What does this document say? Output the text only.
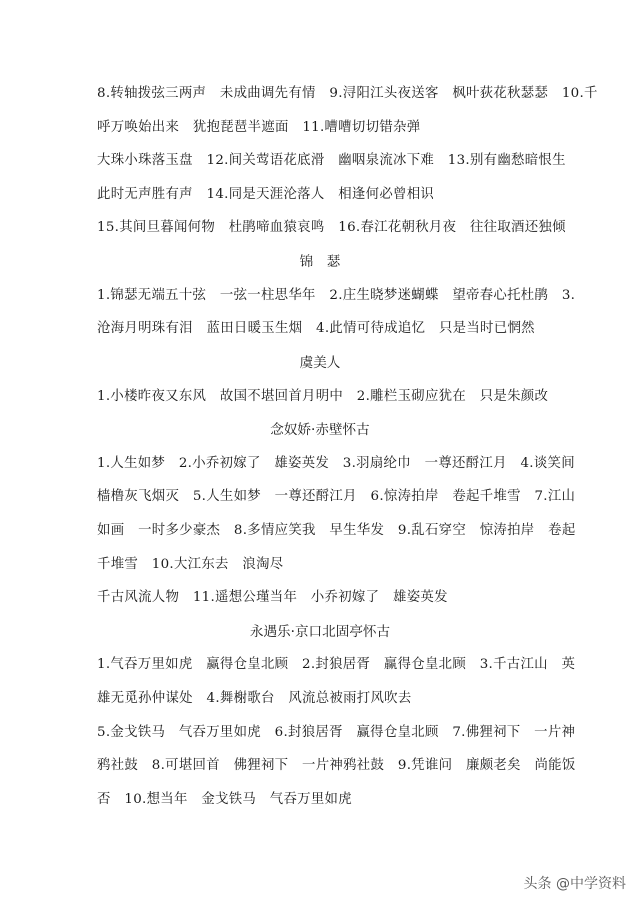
8.转轴拨弦三两声　未成曲调先有情　9.浔阳江头夜送客　枫叶荻花秋瑟瑟　10.千
呼万唤始出来　犹抱琵琶半遮面　11.嘈嘈切切错杂弹
大珠小珠落玉盘　12.间关莺语花底滑　幽咽泉流冰下难　13.别有幽愁暗恨生
此时无声胜有声　14.同是天涯沦落人　相逢何必曾相识
15.其间旦暮闻何物　杜鹃啼血猿哀鸣　16.春江花朝秋月夜　往往取酒还独倾
锦　瑟
1.锦瑟无端五十弦　一弦一柱思华年　2.庄生晓梦迷蝴蝶　望帝春心托杜鹃　3.
沧海月明珠有泪　蓝田日暖玉生烟　4.此情可待成追忆　只是当时已惘然
虞美人
1.小楼昨夜又东风　故国不堪回首月明中　2.雕栏玉砌应犹在　只是朱颜改
念奴娇·赤壁怀古
1.人生如梦　2.小乔初嫁了　雄姿英发　3.羽扇纶巾　一尊还酹江月　4.谈笑间
樯橹灰飞烟灭　5.人生如梦　一尊还酹江月　6.惊涛拍岸　卷起千堆雪　7.江山
如画　一时多少豪杰　8.多情应笑我　早生华发　9.乱石穿空　惊涛拍岸　卷起
千堆雪　10.大江东去　浪淘尽
千古风流人物　11.遥想公瑾当年　小乔初嫁了　雄姿英发
永遇乐·京口北固亭怀古
1.气吞万里如虎　赢得仓皇北顾　2.封狼居胥　赢得仓皇北顾　3.千古江山　英
雄无觅孙仲谋处　4.舞榭歌台　风流总被雨打风吹去
5.金戈铁马　气吞万里如虎　6.封狼居胥　赢得仓皇北顾　7.佛狸祠下　一片神
鸦社鼓　8.可堪回首　佛狸祠下　一片神鸦社鼓　9.凭谁问　廉颇老矣　尚能饭
否　10.想当年　金戈铁马　气吞万里如虎
头条 @中学资料
